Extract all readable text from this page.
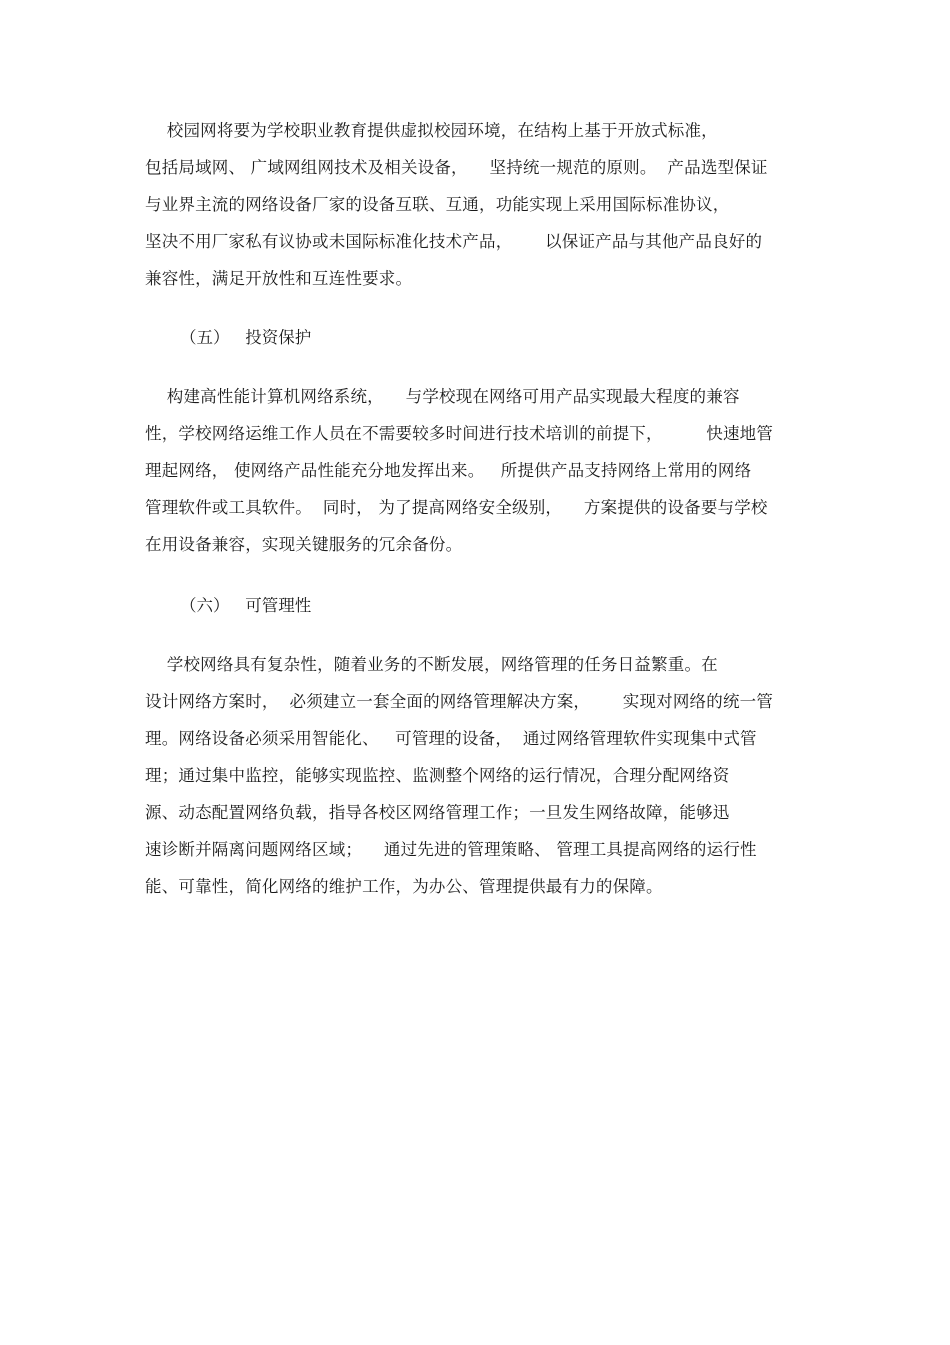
校园网将要为学校职业教育提供虚拟校园环境，在结构上基于开放式标准，
包括局域网、 广域网组网技术及相关设备，    坚持统一规范的原则。  产品选型保证
与业界主流的网络设备厂家的设备互联、互通，功能实现上采用国际标准协议，
坚决不用厂家私有议协或未国际标准化技术产品，      以保证产品与其他产品良好的
兼容性，满足开放性和互连性要求。
（五）   投资保护
构建高性能计算机网络系统，    与学校现在网络可用产品实现最大程度的兼容
性，学校网络运维工作人员在不需要较多时间进行技术培训的前提下，        快速地管
理起网络， 使网络产品性能充分地发挥出来。   所提供产品支持网络上常用的网络
管理软件或工具软件。  同时， 为了提高网络安全级别，    方案提供的设备要与学校
在用设备兼容，实现关键服务的冗余备份。
（六）   可管理性
学校网络具有复杂性，随着业务的不断发展，网络管理的任务日益繁重。在
设计网络方案时，  必须建立一套全面的网络管理解决方案，      实现对网络的统一管
理。网络设备必须采用智能化、   可管理的设备，  通过网络管理软件实现集中式管
理；通过集中监控，能够实现监控、监测整个网络的运行情况，合理分配网络资
源、动态配置网络负载，指导各校区网络管理工作；一旦发生网络故障，能够迅
速诊断并隔离问题网络区域；    通过先进的管理策略、 管理工具提高网络的运行性
能、可靠性，简化网络的维护工作，为办公、管理提供最有力的保障。
